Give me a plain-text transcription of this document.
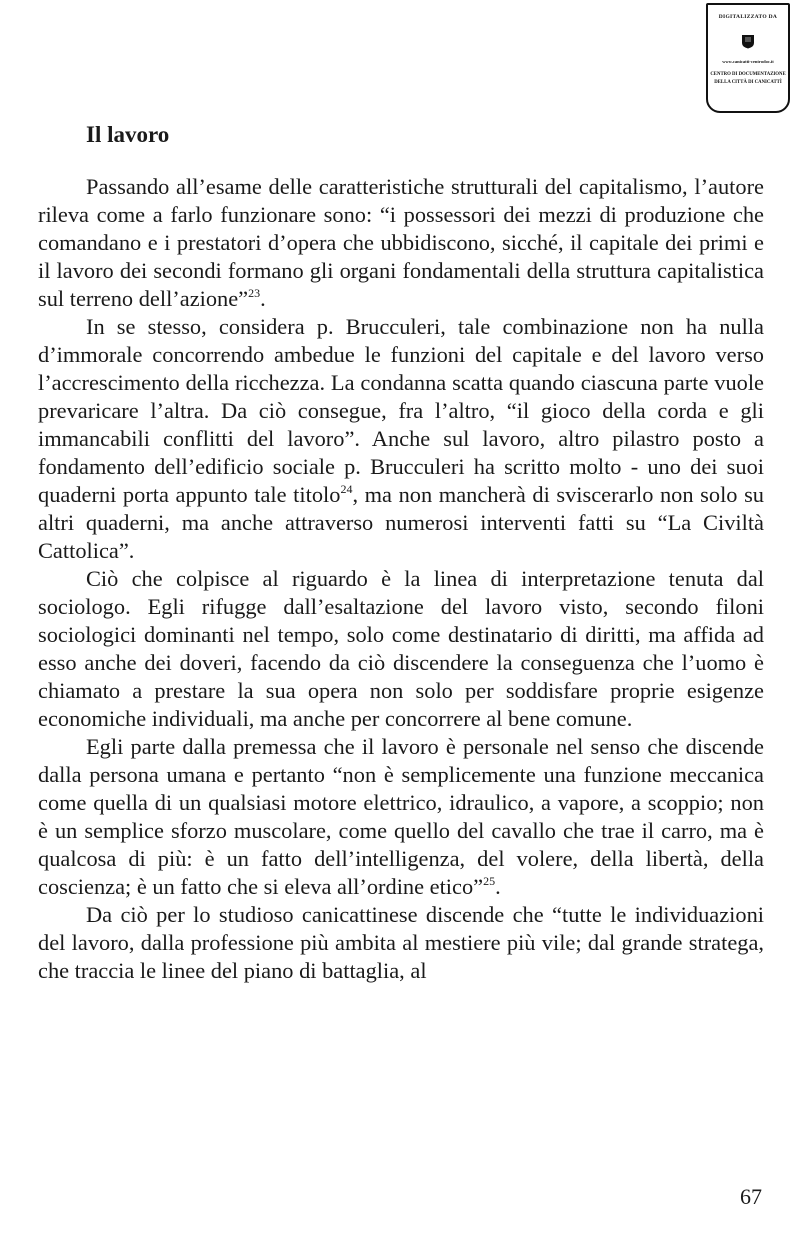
DIGITALIZZATO DA
www.canicatti-centrodoc.it
CENTRO DI DOCUMENTAZIONE
DELLA CITTÀ DI CANICATTÌ
Il lavoro

Passando all’esame delle caratteristiche strutturali del capitalismo, l’autore rileva come a farlo funzionare sono: “i possessori dei mezzi di produzione che comandano e i prestatori d’opera che ubbidiscono, sicché, il capitale dei primi e il lavoro dei secondi formano gli organi fondamentali della struttura capitalistica sul terreno dell’azione”$^{23}$.

In se stesso, considera p. Brucculeri, tale combinazione non ha nulla d’immorale concorrendo ambedue le funzioni del capitale e del lavoro verso l’accrescimento della ricchezza. La condanna scatta quando ciascuna parte vuole prevaricare l’altra. Da ciò consegue, fra l’altro, “il gioco della corda e gli immancabili conflitti del lavoro”. Anche sul lavoro, altro pilastro posto a fondamento dell’edificio sociale p. Brucculeri ha scritto molto - uno dei suoi quaderni porta appunto tale titolo$^{24}$, ma non mancherà di sviscerarlo non solo su altri quaderni, ma anche attraverso numerosi interventi fatti su “La Civiltà Cattolica”.

Ciò che colpisce al riguardo è la linea di interpretazione tenuta dal sociologo. Egli rifugge dall’esaltazione del lavoro visto, secondo filoni sociologici dominanti nel tempo, solo come destinatario di diritti, ma affida ad esso anche dei doveri, facendo da ciò discendere la conseguenza che l’uomo è chiamato a prestare la sua opera non solo per soddisfare proprie esigenze economiche individuali, ma anche per concorrere al bene comune.

Egli parte dalla premessa che il lavoro è personale nel senso che discende dalla persona umana e pertanto “non è semplicemente una funzione meccanica come quella di un qualsiasi motore elettrico, idraulico, a vapore, a scoppio; non è un semplice sforzo muscolare, come quello del cavallo che trae il carro, ma è qualcosa di più: è un fatto dell’intelligenza, del volere, della libertà, della coscienza; è un fatto che si eleva all’ordine etico”$^{25}$.

Da ciò per lo studioso canicattinese discende che “tutte le individuazioni del lavoro, dalla professione più ambita al mestiere più vile; dal grande stratega, che traccia le linee del piano di battaglia, al

67
